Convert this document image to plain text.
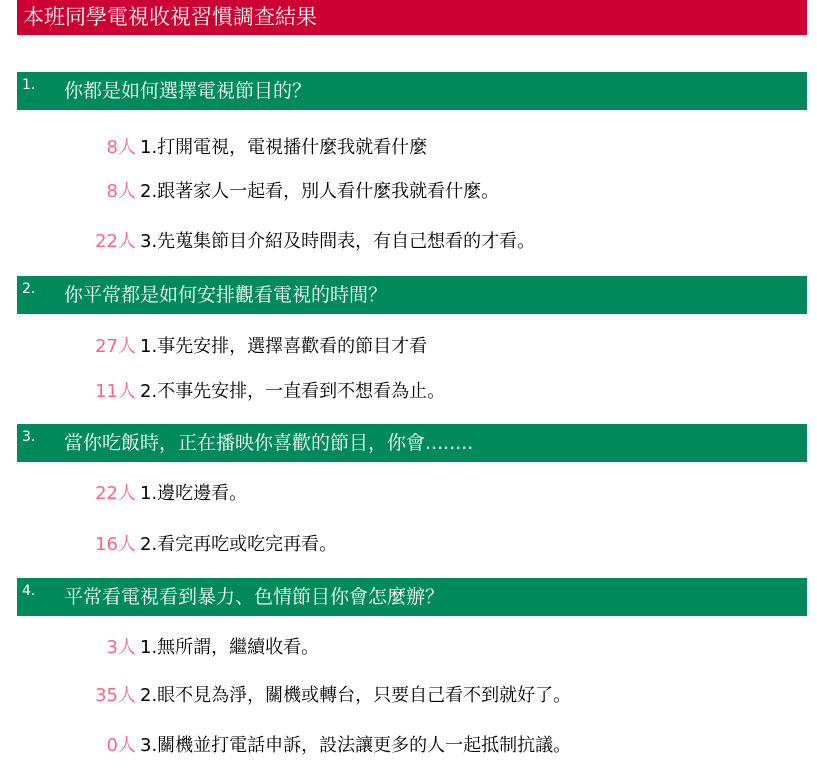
本班同學電視收視習慣調查結果
1. 你都是如何選擇電視節目的？
8人 1.打開電視，電視播什麼我就看什麼
8人 2.跟著家人一起看，別人看什麼我就看什麼。
22人 3.先蒐集節目介紹及時間表，有自己想看的才看。
2. 你平常都是如何安排觀看電視的時間？
27人 1.事先安排，選擇喜歡看的節目才看
11人 2.不事先安排，一直看到不想看為止。
3. 當你吃飯時，正在播映你喜歡的節目，你會........
22人 1.邊吃邊看。
16人 2.看完再吃或吃完再看。
4. 平常看電視看到暴力、色情節目你會怎麼辦？
3人 1.無所謂，繼續收看。
35人 2.眼不見為淨，關機或轉台，只要自己看不到就好了。
0人 3.關機並打電話申訴，設法讓更多的人一起抵制抗議。
